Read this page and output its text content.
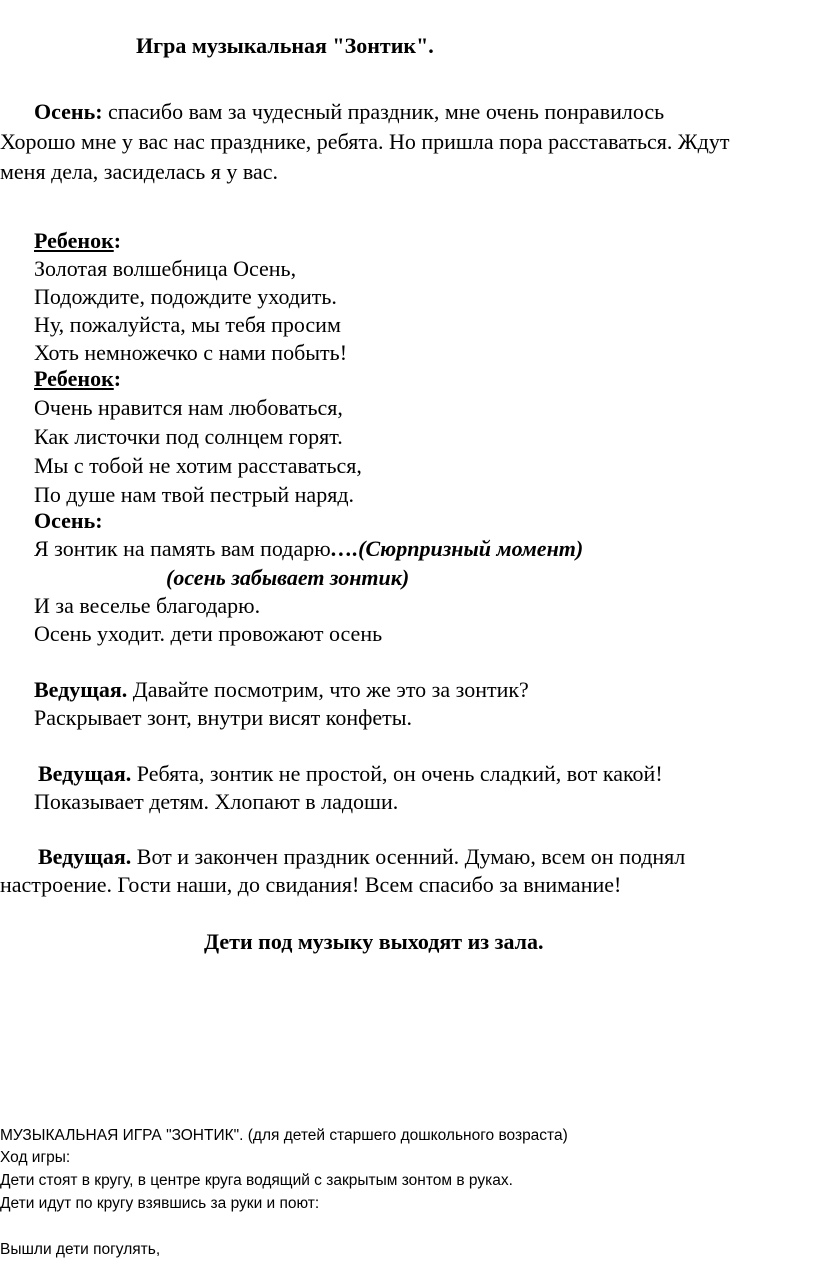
Игра музыкальная "Зонтик".
Осень: спасибо вам за чудесный праздник, мне очень понравилось
Хорошо мне у вас нас празднике, ребята. Но пришла пора расставаться. Ждут
меня дела, засиделась я у вас.
Ребенок:
Золотая волшебница Осень,
Подождите, подождите уходить.
Ну, пожалуйста, мы тебя просим
Хоть немножечко с нами побыть!
Ребенок:
Очень нравится нам любоваться,
Как листочки под солнцем горят.
Мы с тобой не хотим расставаться,
По душе нам твой пестрый наряд.
Осень:
Я зонтик на память вам подарю….(Сюрпризный момент)
(осень забывает зонтик)
И за веселье благодарю.
Осень уходит. дети провожают осень
Ведущая. Давайте посмотрим, что же это за зонтик?
Раскрывает зонт, внутри висят конфеты.
Ведущая. Ребята, зонтик не простой, он очень сладкий, вот какой!
Показывает детям. Хлопают в ладоши.
Ведущая. Вот и закончен праздник осенний. Думаю, всем он поднял
настроение. Гости наши, до свидания! Всем спасибо за внимание!
Дети под музыку выходят из зала.
МУЗЫКАЛЬНАЯ ИГРА "ЗОНТИК". (для детей старшего дошкольного возраста)
Ход игры:
Дети стоят в кругу, в центре круга водящий с закрытым зонтом в руках.
Дети идут по кругу взявшись за руки и поют:
Вышли дети погулять,
